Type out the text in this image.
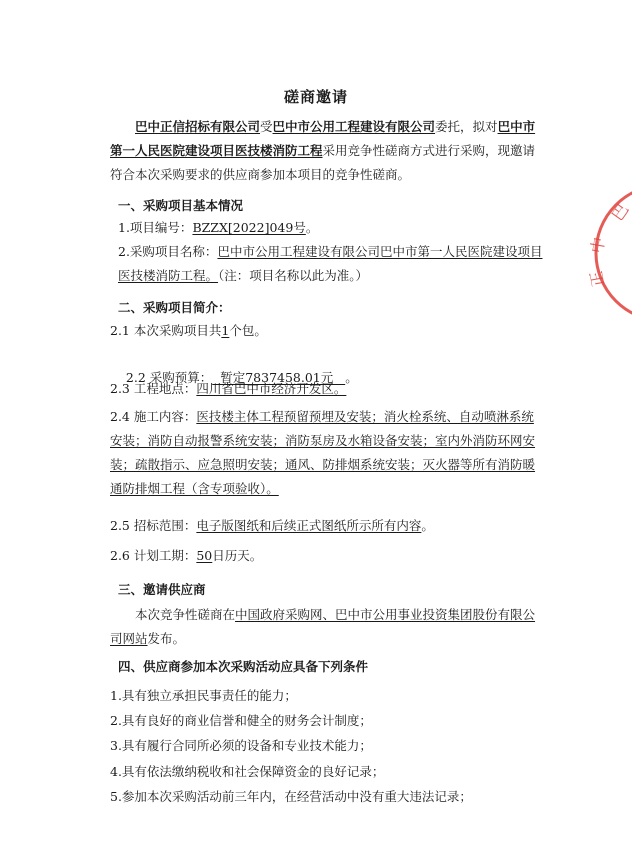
磋商邀请
巴中正信招标有限公司受巴中市公用工程建设有限公司委托，拟对巴中市第一人民医院建设项目医技楼消防工程采用竞争性磋商方式进行采购，现邀请符合本次采购要求的供应商参加本项目的竞争性磋商。
一、采购项目基本情况
1.项目编号：BZZX[2022]049号。
2.采购项目名称：巴中市公用工程建设有限公司巴中市第一人民医院建设项目医技楼消防工程。（注：项目名称以此为准。）
二、采购项目简介：
2.1 本次采购项目共1个包。

2.2 采购预算：  暂定7837458.01元   。

2.3 工程地点：四川省巴中市经济开发区。
2.4 施工内容：医技楼主体工程预留预埋及安装；消火栓系统、自动喷淋系统安装；消防自动报警系统安装；消防泵房及水箱设备安装；室内外消防环网安装；疏散指示、应急照明安装；通风、防排烟系统安装；灭火器等所有消防暖通防排烟工程（含专项验收）。
2.5 招标范围：电子版图纸和后续正式图纸所示所有内容。
2.6 计划工期：50日历天。
三、邀请供应商
本次竞争性磋商在中国政府采购网、巴中市公用事业投资集团股份有限公司网站发布。
四、供应商参加本次采购活动应具备下列条件
1.具有独立承担民事责任的能力；
2.具有良好的商业信誉和健全的财务会计制度；
3.具有履行合同所必须的设备和专业技术能力；
4.具有依法缴纳税收和社会保障资金的良好记录；
5.参加本次采购活动前三年内，在经营活动中没有重大违法记录；
巴
中
正
